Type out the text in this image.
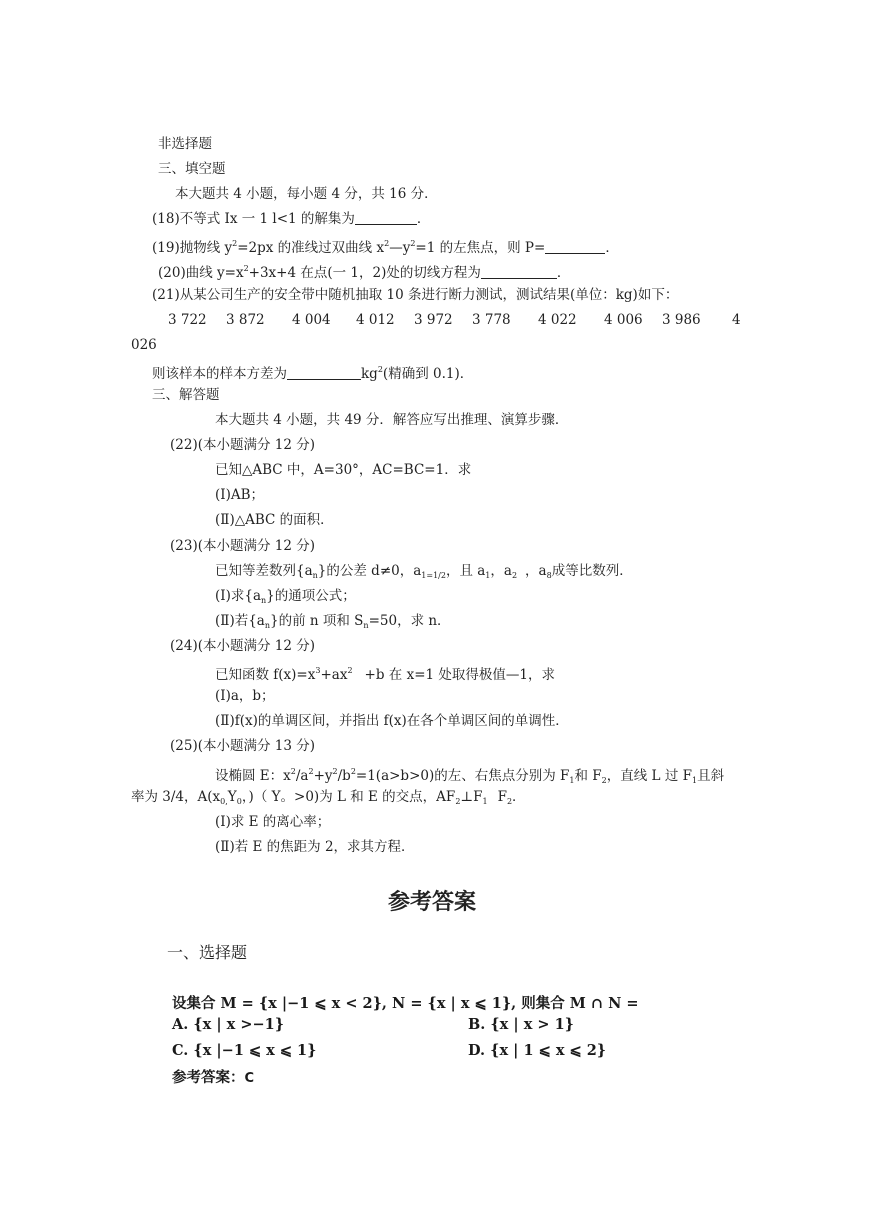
非选择题
三、填空题
本大题共 4 小题，每小题 4 分，共 16 分．
(18)不等式 Ix 一 1 l<1 的解集为	．
(19)抛物线 $y^2=2px$ 的准线过双曲线 $x^2—y^2=1$ 的左焦点，则 P=	．
(20)曲线 $y=x^2+3x+4$ 在点(一 1，2)处的切线方程为	．
(21)从某公司生产的安全带中随机抽取 10 条进行断力测试，测试结果(单位：kg)如下：
3 722 3 872 4 004 4 012 3 972 3 778 4 022 4 006 3 986 4
026
则该样本的样本方差为	$kg^2$(精确到 0.1)．
三、解答题
本大题共 4 小题，共 49 分．解答应写出推理、演算步骤．
(22)(本小题满分 12 分)
已知△ABC 中，A=30°，AC=BC=1．求
(Ⅰ)AB；
(Ⅱ)△ABC 的面积．
(23)(本小题满分 12 分)
已知等差数列$\{a_n\}$的公差 d≠0，$a_{1=1/2}$，且 $a_1$，$a_2$ ，$a_8$成等比数列．
(Ⅰ)求$\{a_n\}$的通项公式；
(Ⅱ)若$\{a_n\}$的前 n 项和 $S_n=50$，求 n．
(24)(本小题满分 12 分)
已知函数 $f(x)=x^3+ax^2 +b$ 在 x=1 处取得极值—1，求
(Ⅰ)a，b；
(Ⅱ)f(x)的单调区间，并指出 f(x)在各个单调区间的单调性．
(25)(本小题满分 13 分)
设椭圆 E：$x^2/a^2+y^2/b^2=1(a>b>0)$的左、右焦点分别为 $F_1$和 $F_2$，直线 L 过 $F_1$且斜
率为 3/4，$A(x_{0,}Y_0$，)（ Y。>0)为 L 和 E 的交点，$AF_2\perp F_1$ $F_2$．
(Ⅰ)求 E 的离心率；
(Ⅱ)若 E 的焦距为 2，求其方程．
参考答案
一、选择题
设集合 M = {x |−1 ⩽ x < 2}, N = {x | x ⩽ 1}, 则集合 M ∩ N =
A. {x | x >−1}	B. {x | x > 1}
C. {x |−1 ⩽ x ⩽ 1}	D. {x | 1 ⩽ x ⩽ 2}
参考答案：C
